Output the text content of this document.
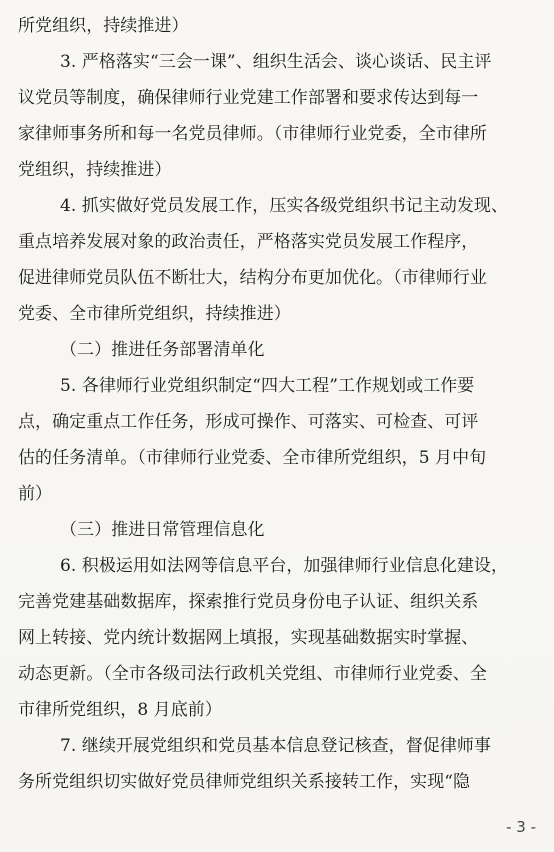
所党组织，持续推进）
3. 严格落实“三会一课”、组织生活会、谈心谈话、民主评
议党员等制度，确保律师行业党建工作部署和要求传达到每一
家律师事务所和每一名党员律师。（市律师行业党委，全市律所
党组织，持续推进）
4. 抓实做好党员发展工作，压实各级党组织书记主动发现、
重点培养发展对象的政治责任，严格落实党员发展工作程序，
促进律师党员队伍不断壮大，结构分布更加优化。（市律师行业
党委、全市律所党组织，持续推进）
（二）推进任务部署清单化
5. 各律师行业党组织制定“四大工程”工作规划或工作要
点，确定重点工作任务，形成可操作、可落实、可检查、可评
估的任务清单。（市律师行业党委、全市律所党组织，5 月中旬
前）
（三）推进日常管理信息化
6. 积极运用如法网等信息平台，加强律师行业信息化建设，
完善党建基础数据库，探索推行党员身份电子认证、组织关系
网上转接、党内统计数据网上填报，实现基础数据实时掌握、
动态更新。（全市各级司法行政机关党组、市律师行业党委、全
市律所党组织，8 月底前）
7. 继续开展党组织和党员基本信息登记核查，督促律师事
务所党组织切实做好党员律师党组织关系接转工作，实现“隐
- 3 -
